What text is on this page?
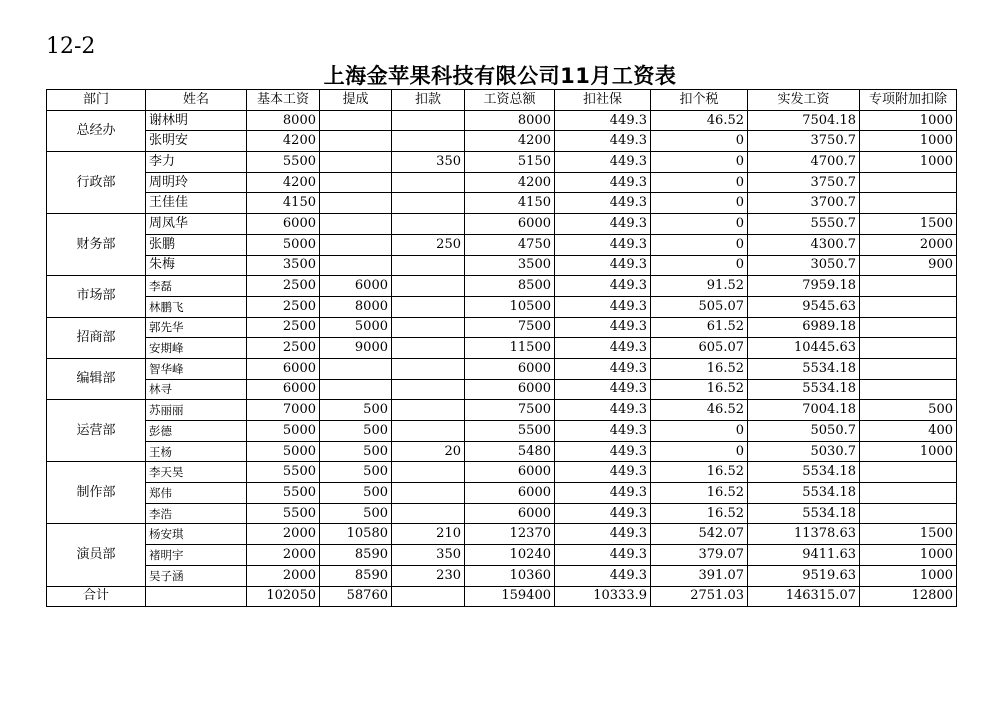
12-2
上海金苹果科技有限公司11月工资表
部门	姓名	基本工资	提成	扣款	工资总额	扣社保	扣个税	实发工资	专项附加扣除
总经办	谢林明	8000			8000	449.3	46.52	7504.18	1000
	张明安	4200			4200	449.3	0	3750.7	1000
行政部	李力	5500		350	5150	449.3	0	4700.7	1000
	周明玲	4200			4200	449.3	0	3750.7	
	王佳佳	4150			4150	449.3	0	3700.7	
财务部	周凤华	6000			6000	449.3	0	5550.7	1500
	张鹏	5000		250	4750	449.3	0	4300.7	2000
	朱梅	3500			3500	449.3	0	3050.7	900
市场部	李磊	2500	6000		8500	449.3	91.52	7959.18	
	林鹏飞	2500	8000		10500	449.3	505.07	9545.63	
招商部	郭先华	2500	5000		7500	449.3	61.52	6989.18	
	安期峰	2500	9000		11500	449.3	605.07	10445.63	
编辑部	智华峰	6000			6000	449.3	16.52	5534.18	
	林寻	6000			6000	449.3	16.52	5534.18	
运营部	苏丽丽	7000	500		7500	449.3	46.52	7004.18	500
	彭德	5000	500		5500	449.3	0	5050.7	400
	王杨	5000	500	20	5480	449.3	0	5030.7	1000
制作部	李天昊	5500	500		6000	449.3	16.52	5534.18	
	郑伟	5500	500		6000	449.3	16.52	5534.18	
	李浩	5500	500		6000	449.3	16.52	5534.18	
演员部	杨安琪	2000	10580	210	12370	449.3	542.07	11378.63	1500
	褚明宇	2000	8590	350	10240	449.3	379.07	9411.63	1000
	吴子涵	2000	8590	230	10360	449.3	391.07	9519.63	1000
合计		102050	58760		159400	10333.9	2751.03	146315.07	12800
